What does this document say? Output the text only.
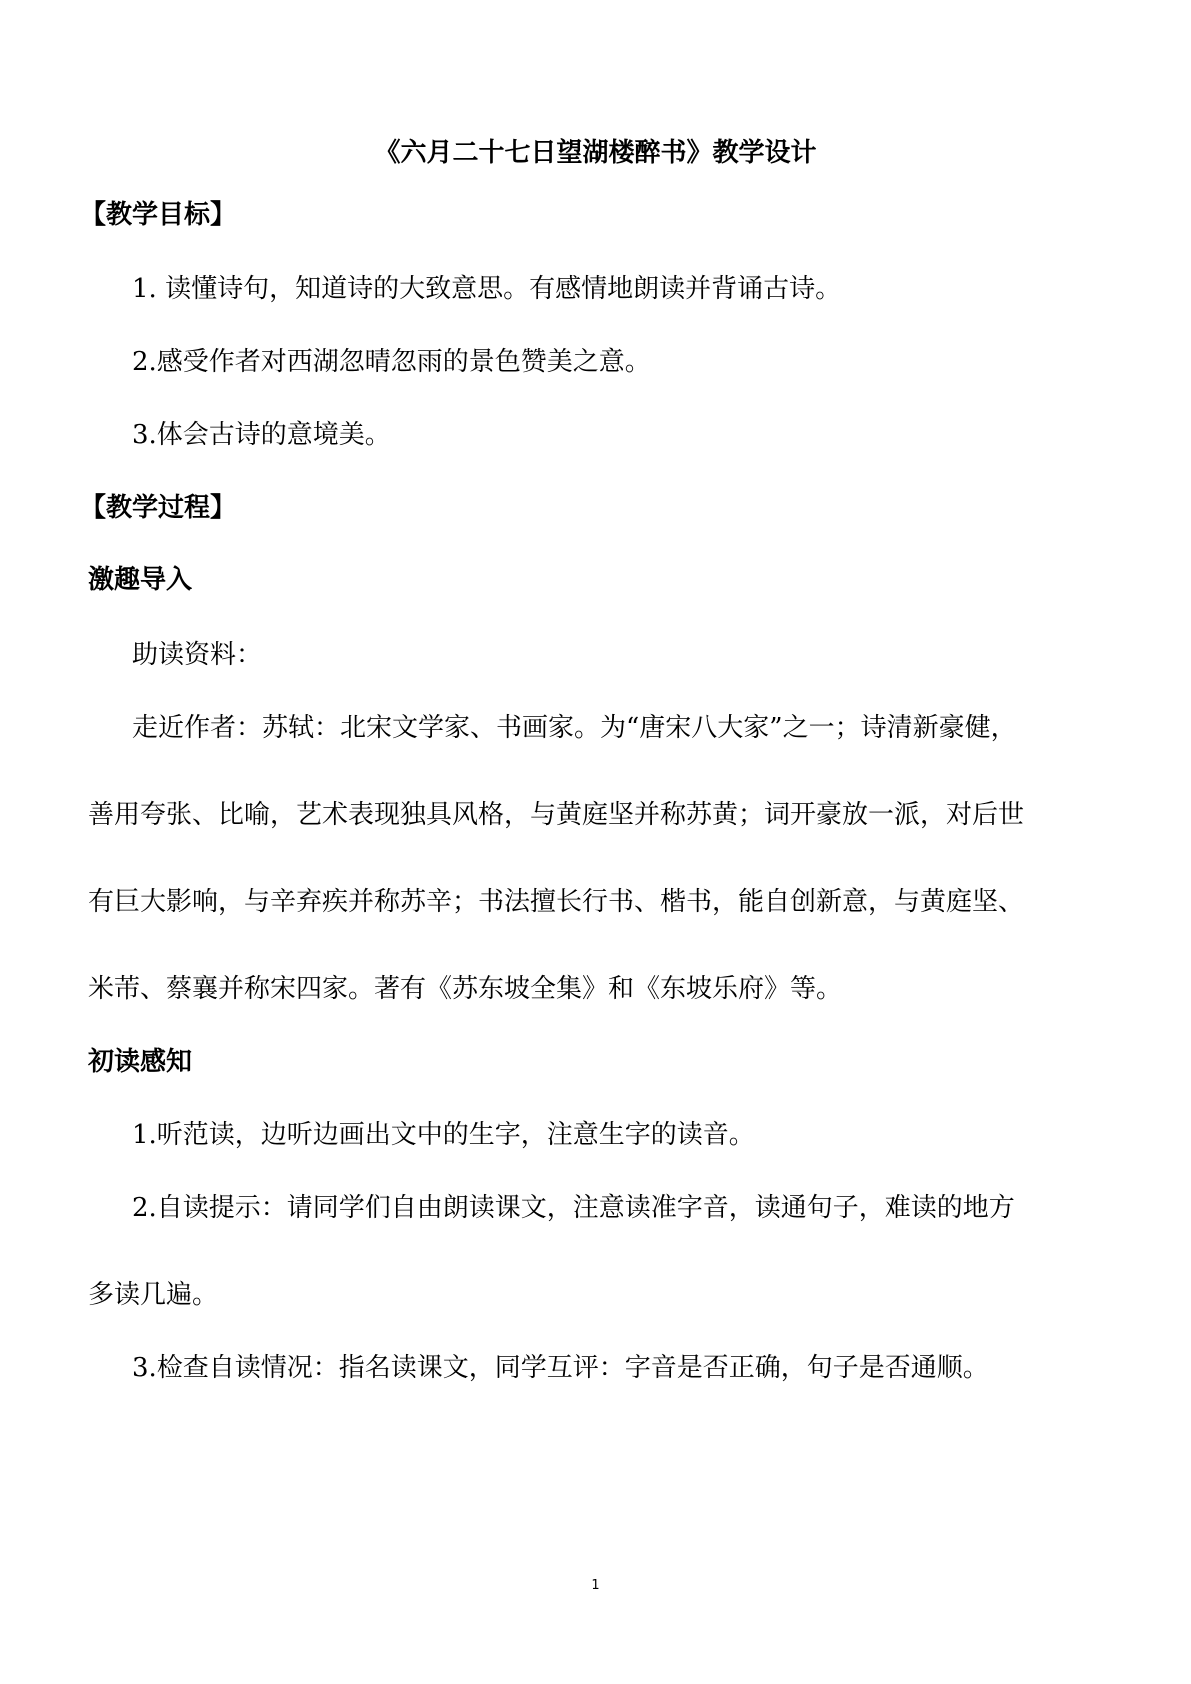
《六月二十七日望湖楼醉书》教学设计
【教学目标】
1. 读懂诗句，知道诗的大致意思。有感情地朗读并背诵古诗。
2.感受作者对西湖忽晴忽雨的景色赞美之意。
3.体会古诗的意境美。
【教学过程】
激趣导入
助读资料：
走近作者：苏轼：北宋文学家、书画家。为“唐宋八大家”之一；诗清新豪健，
善用夸张、比喻，艺术表现独具风格，与黄庭坚并称苏黄；词开豪放一派，对后世
有巨大影响，与辛弃疾并称苏辛；书法擅长行书、楷书，能自创新意，与黄庭坚、
米芾、蔡襄并称宋四家。著有《苏东坡全集》和《东坡乐府》等。
初读感知
1.听范读，边听边画出文中的生字，注意生字的读音。
2.自读提示：请同学们自由朗读课文，注意读准字音，读通句子，难读的地方
多读几遍。
3.检查自读情况：指名读课文，同学互评：字音是否正确，句子是否通顺。
1
